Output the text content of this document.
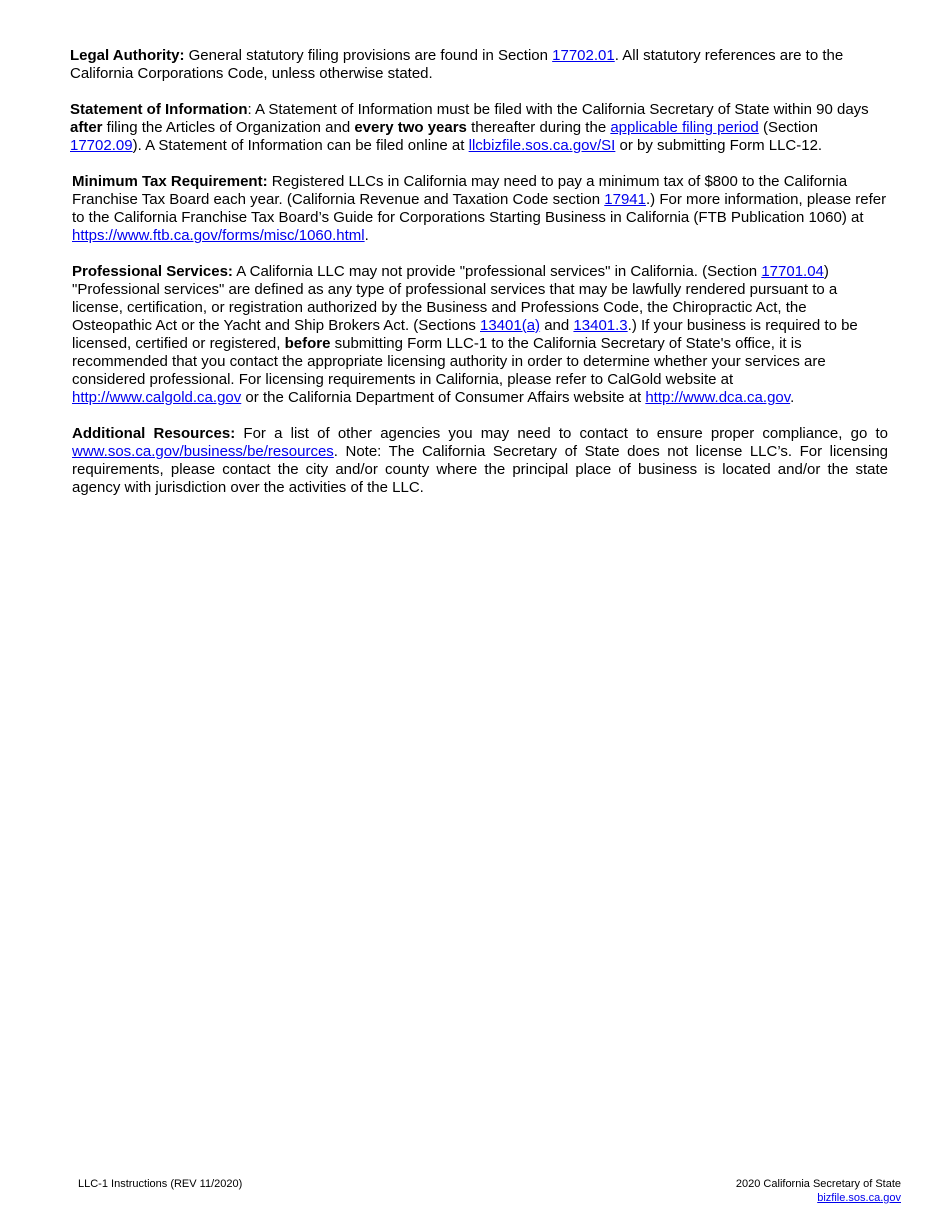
Legal Authority: General statutory filing provisions are found in Section 17702.01. All statutory references are to the California Corporations Code, unless otherwise stated.

Statement of Information: A Statement of Information must be filed with the California Secretary of State within 90 days after filing the Articles of Organization and every two years thereafter during the applicable filing period (Section 17702.09). A Statement of Information can be filed online at llcbizfile.sos.ca.gov/SI or by submitting Form LLC-12.

Minimum Tax Requirement: Registered LLCs in California may need to pay a minimum tax of $800 to the California Franchise Tax Board each year. (California Revenue and Taxation Code section 17941.) For more information, please refer to the California Franchise Tax Board’s Guide for Corporations Starting Business in California (FTB Publication 1060) at https://www.ftb.ca.gov/forms/misc/1060.html.

Professional Services: A California LLC may not provide "professional services" in California. (Section 17701.04) "Professional services" are defined as any type of professional services that may be lawfully rendered pursuant to a license, certification, or registration authorized by the Business and Professions Code, the Chiropractic Act, the Osteopathic Act or the Yacht and Ship Brokers Act. (Sections 13401(a) and 13401.3.) If your business is required to be licensed, certified or registered, before submitting Form LLC-1 to the California Secretary of State's office, it is recommended that you contact the appropriate licensing authority in order to determine whether your services are considered professional. For licensing requirements in California, please refer to CalGold website at http://www.calgold.ca.gov or the California Department of Consumer Affairs website at http://www.dca.ca.gov.

Additional Resources: For a list of other agencies you may need to contact to ensure proper compliance, go to www.sos.ca.gov/business/be/resources. Note: The California Secretary of State does not license LLC’s. For licensing requirements, please contact the city and/or county where the principal place of business is located and/or the state agency with jurisdiction over the activities of the LLC.

LLC-1 Instructions (REV 11/2020)	2020 California Secretary of State
bizfile.sos.ca.gov
